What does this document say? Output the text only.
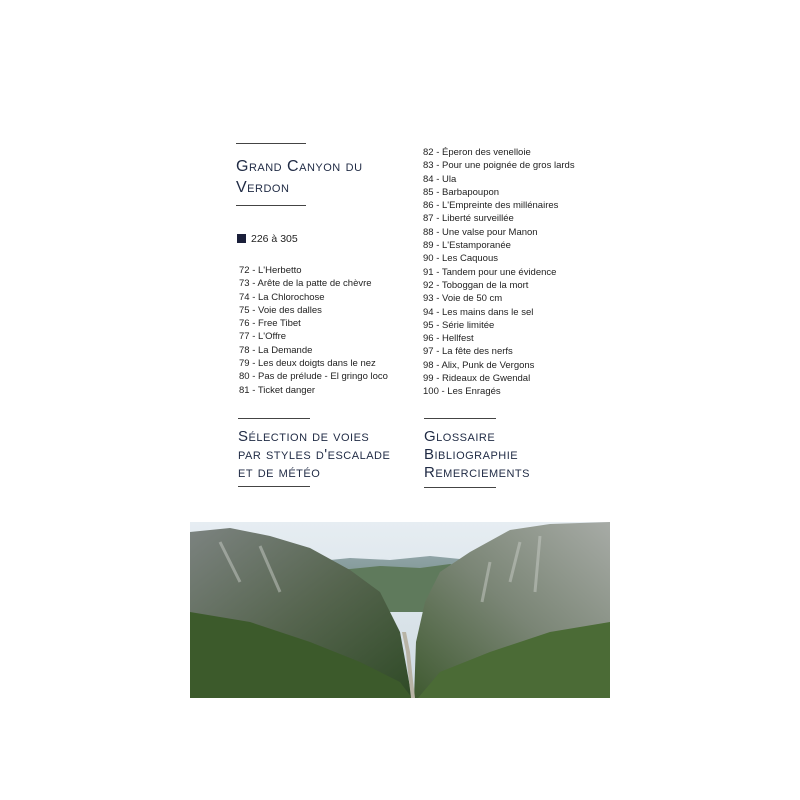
Grand Canyon du
Verdon
226 à 305
72 - L'Herbetto
73 - Arête de la patte de chèvre
74 - La Chlorochose
75 - Voie des dalles
76 - Free Tibet
77 - L'Offre
78 - La Demande
79 - Les deux doigts dans le nez
80 - Pas de prélude - El gringo loco
81 - Ticket danger
82 - Éperon des venelloie
83 - Pour une poignée de gros lards
84 - Ula
85 - Barbapoupon
86 - L'Empreinte des millénaires
87 - Liberté surveillée
88 - Une valse pour Manon
89 - L'Estamporanée
90 - Les Caquous
91 - Tandem pour une évidence
92 - Toboggan de la mort
93 - Voie de 50 cm
94 - Les mains dans le sel
95 - Série limitée
96 - Hellfest
97 - La fête des nerfs
98 - Alix, Punk de Vergons
99 - Rideaux de Gwendal
100 - Les Enragés
Sélection de voies
par styles d'escalade
et de météo
Glossaire
Bibliographie
Remerciements
